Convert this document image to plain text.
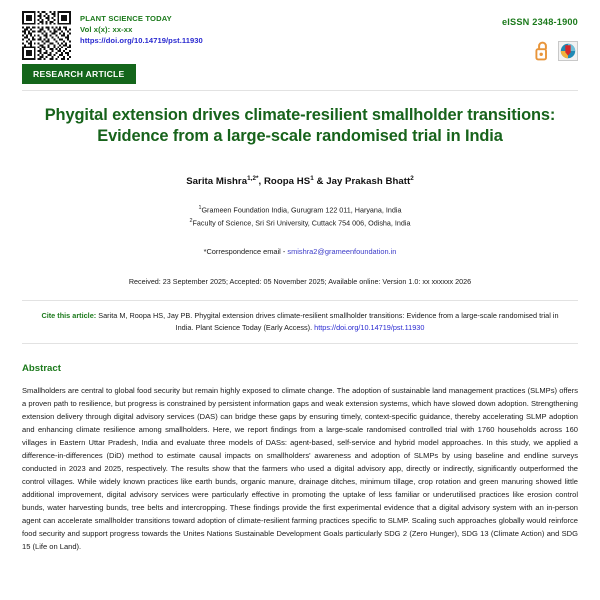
PLANT SCIENCE TODAY
Vol x(x): xx-xx
https://doi.org/10.14719/pst.11930
eISSN 2348-1900
RESEARCH ARTICLE
Phygital extension drives climate-resilient smallholder transitions: Evidence from a large-scale randomised trial in India
Sarita Mishra$^{1,2*}$, Roopa $HS^1$ & Jay Prakash Bhatt$^2$
$^1$Grameen Foundation India, Gurugram 122 011, Haryana, India
$^2$Faculty of Science, Sri Sri University, Cuttack 754 006, Odisha, India
*Correspondence email - smishra2@grameenfoundation.in
Received: 23 September 2025; Accepted: 05 November 2025; Available online: Version 1.0: xx xxxxxx 2026
Cite this article: Sarita M, Roopa HS, Jay PB. Phygital extension drives climate-resilient smallholder transitions: Evidence from a large-scale randomised trial in India. Plant Science Today (Early Access). https://doi.org/10.14719/pst.11930
Abstract
Smallholders are central to global food security but remain highly exposed to climate change. The adoption of sustainable land management practices (SLMPs) offers a proven path to resilience, but progress is constrained by persistent information gaps and weak extension systems, which have slowed down adoption. Strengthening extension delivery through digital advisory services (DAS) can bridge these gaps by ensuring timely, context-specific guidance, thereby accelerating SLMP adoption and enhancing climate resilience among smallholders. Here, we report findings from a large-scale randomised controlled trial with 1760 households across 160 villages in Eastern Uttar Pradesh, India and evaluate three models of DASs: agent-based, self-service and hybrid model approaches. In this study, we applied a difference-in-differences (DiD) method to estimate causal impacts on smallholders' awareness and adoption of SLMPs by using baseline and endline surveys conducted in 2023 and 2025, respectively. The results show that the farmers who used a digital advisory app, directly or indirectly, significantly outperformed the control villages. While widely known practices like earth bunds, organic manure, drainage ditches, minimum tillage, crop rotation and green manuring showed little additional improvement, digital advisory services were particularly effective in promoting the uptake of less familiar or underutilised practices like erosion control bunds, water harvesting bunds, tree belts and intercropping. These findings provide the first experimental evidence that a digital advisory system with an in-person agent can accelerate smallholder transitions toward adoption of climate-resilient farming practices specific to SLMP. Scaling such approaches globally would reinforce food security and support progress towards the Unites Nations Sustainable Development Goals particularly SDG 2 (Zero Hunger), SDG 13 (Climate Action) and SDG 15 (Life on Land).
